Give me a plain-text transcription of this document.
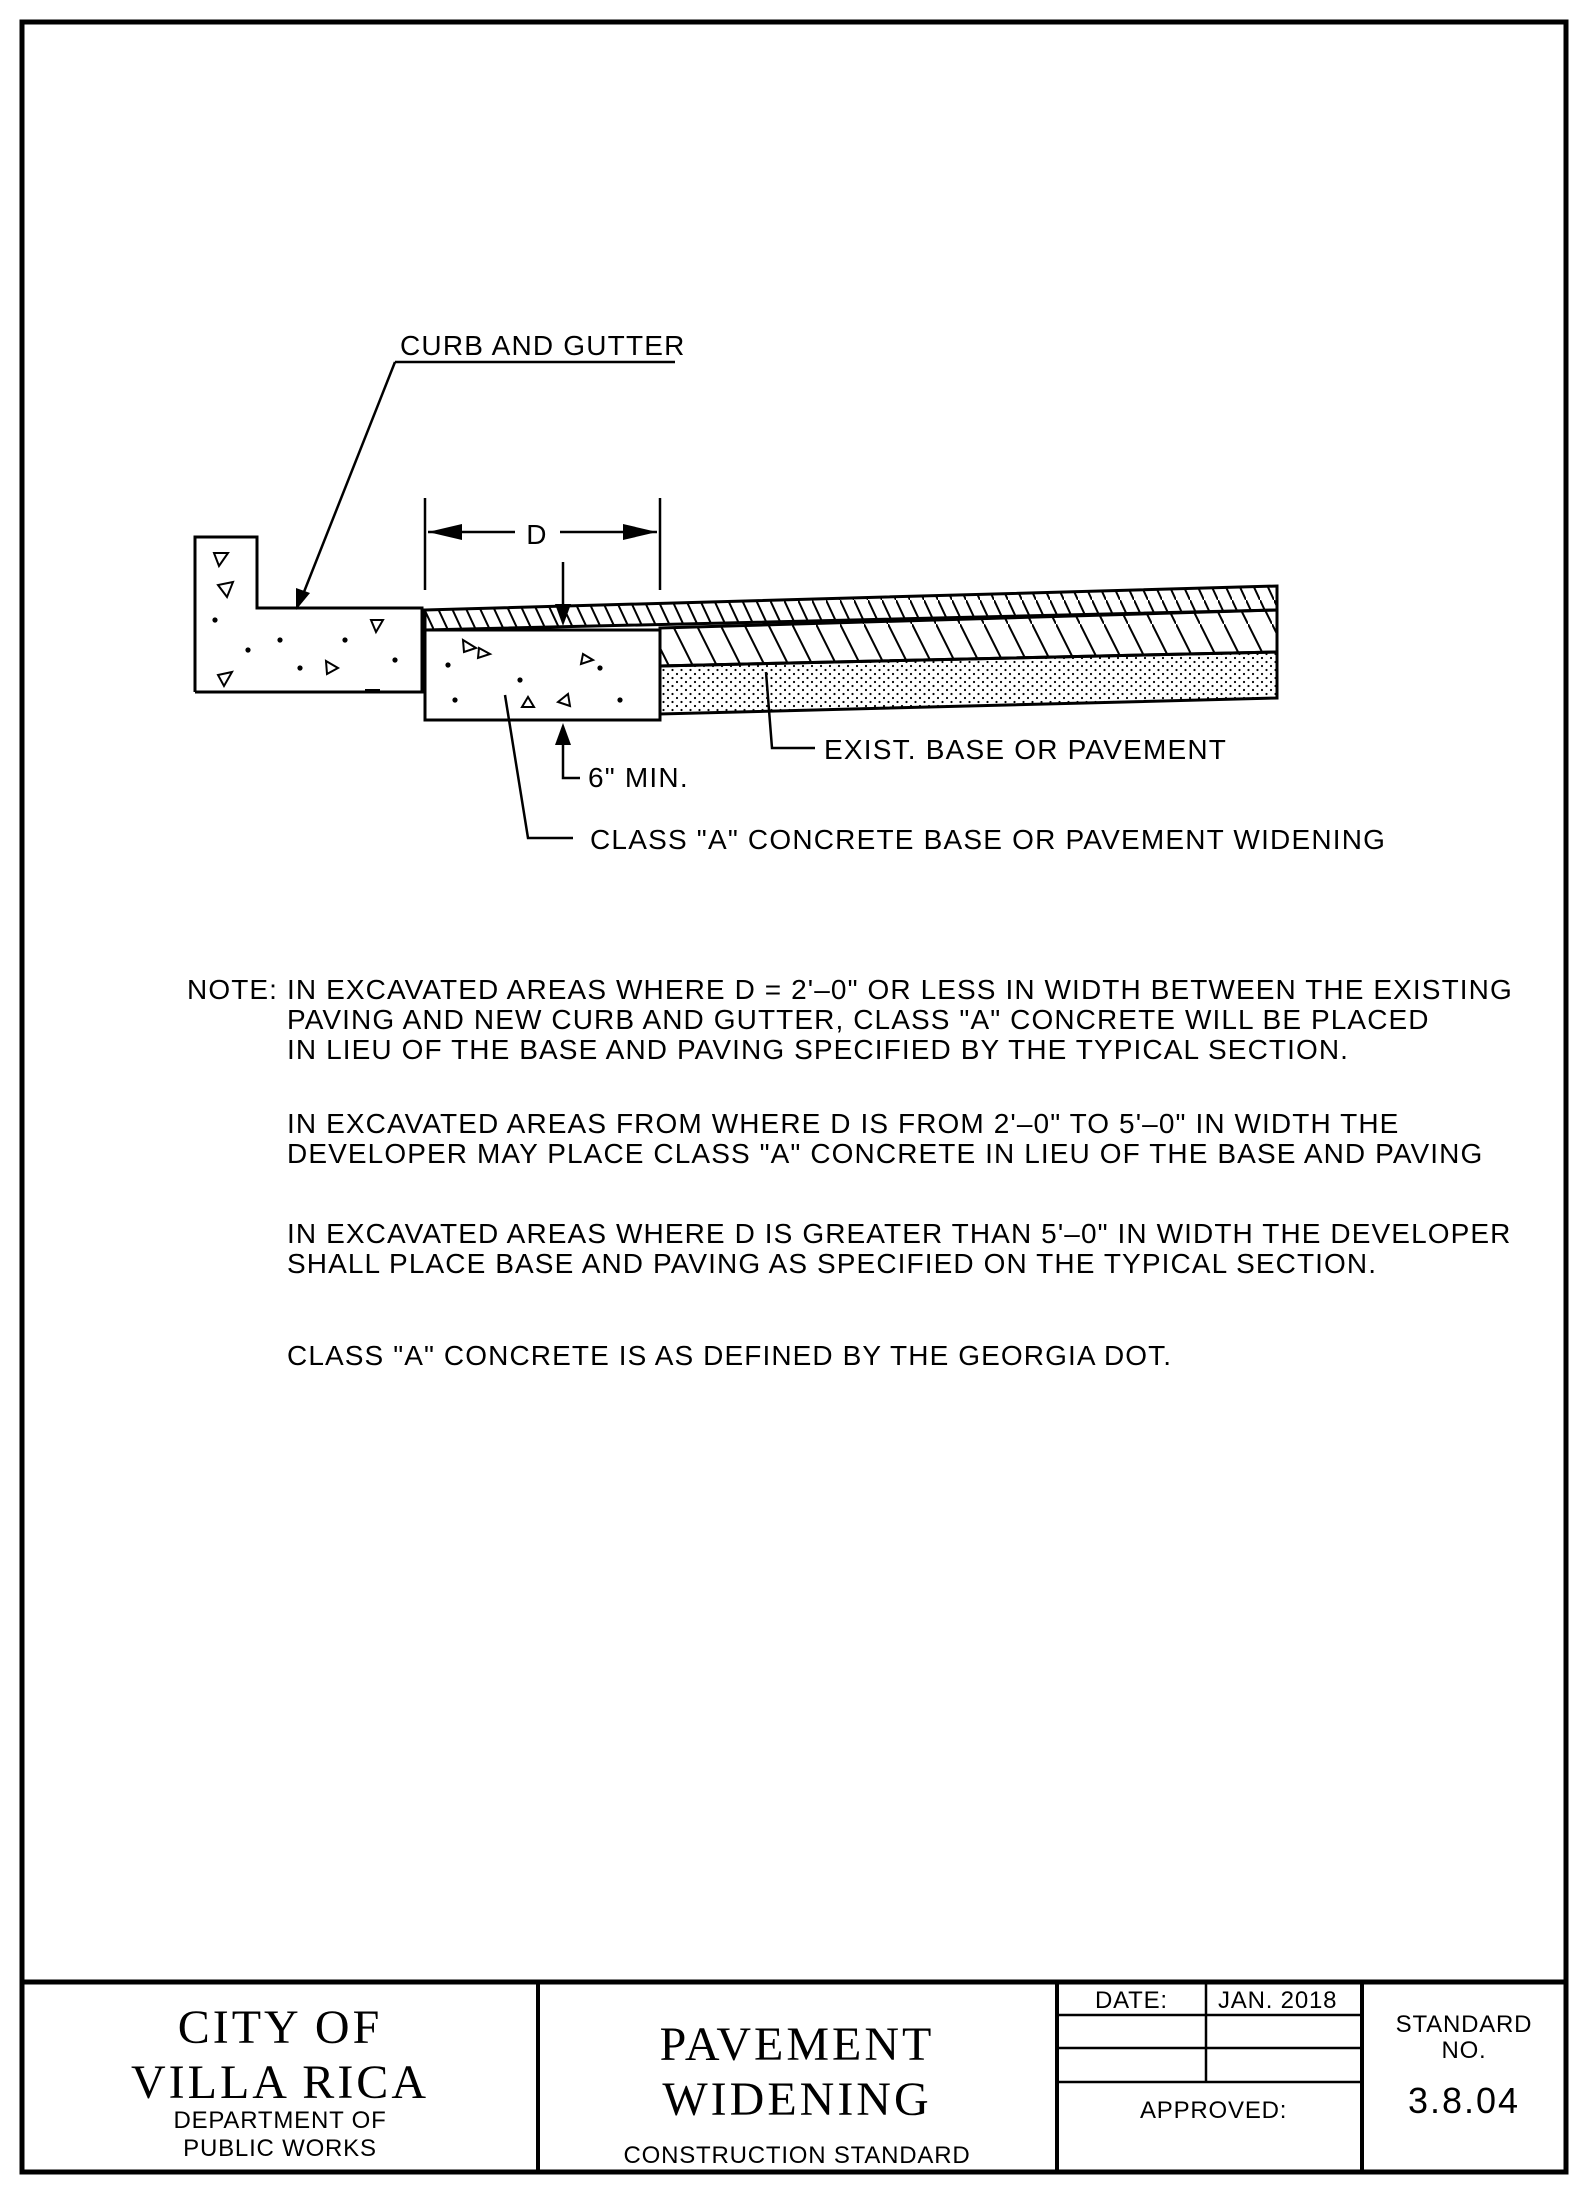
D
6" MIN.
CURB AND GUTTER
EXIST. BASE OR PAVEMENT
CLASS "A" CONCRETE BASE OR PAVEMENT WIDENING
NOTE: IN EXCAVATED AREAS WHERE D = 2'–0" OR LESS IN WIDTH BETWEEN THE EXISTING
PAVING AND NEW CURB AND GUTTER, CLASS "A" CONCRETE WILL BE PLACED
IN LIEU OF THE BASE AND PAVING SPECIFIED BY THE TYPICAL SECTION.
IN EXCAVATED AREAS FROM WHERE D IS FROM 2'–0" TO 5'–0" IN WIDTH THE
DEVELOPER MAY PLACE CLASS "A" CONCRETE IN LIEU OF THE BASE AND PAVING
IN EXCAVATED AREAS WHERE D IS GREATER THAN 5'–0" IN WIDTH THE DEVELOPER
SHALL PLACE BASE AND PAVING AS SPECIFIED ON THE TYPICAL SECTION.
CLASS "A" CONCRETE IS AS DEFINED BY THE GEORGIA DOT.
CITY OF
VILLA RICA
DEPARTMENT OF
PUBLIC WORKS
PAVEMENT
WIDENING
CONSTRUCTION STANDARD
DATE: JAN. 2018
APPROVED:
STANDARD
NO.
3.8.04
